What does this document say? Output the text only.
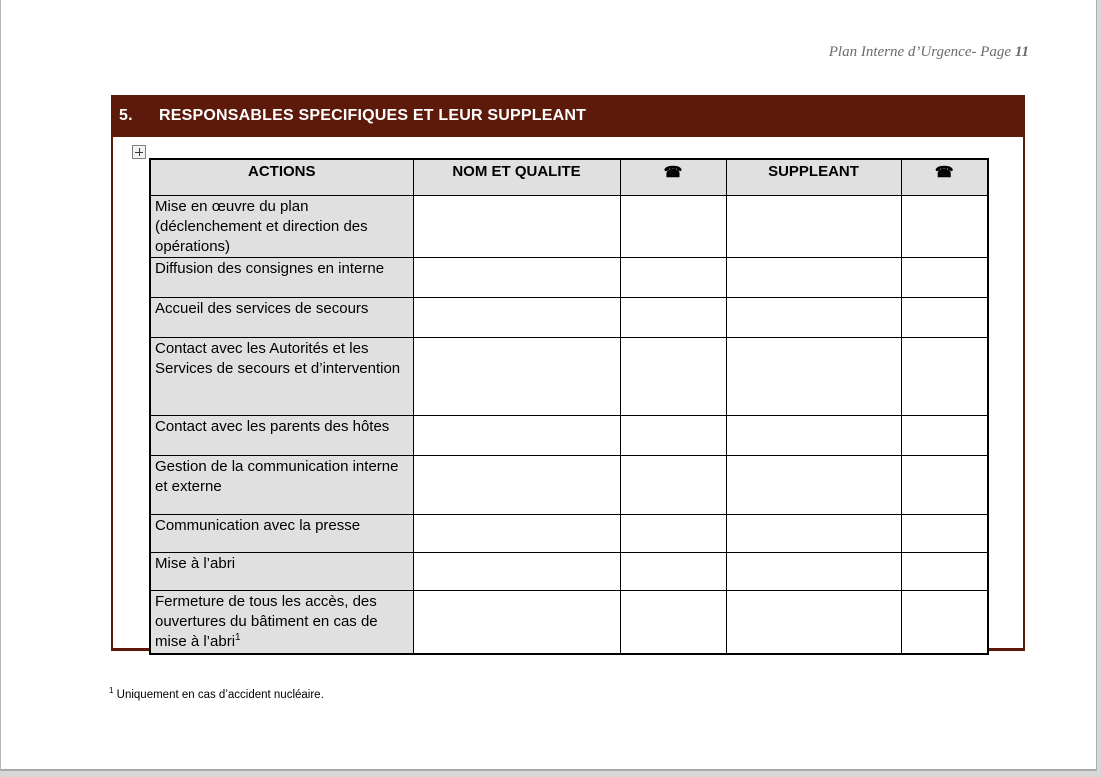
Plan Interne d’Urgence- Page 11
5.	RESPONSABLES SPECIFIQUES ET LEUR SUPPLEANT
ACTIONS	NOM ET QUALITE	☎	SUPPLEANT	☎
Mise en œuvre du plan (déclenchement et direction des opérations)				
Diffusion des consignes en interne				
Accueil des services de secours				
Contact avec les Autorités et les Services de secours et d’intervention				
Contact avec les parents des hôtes				
Gestion de la communication interne et externe				
Communication avec la presse				
Mise à l’abri				
Fermeture de tous les accès, des ouvertures du bâtiment en cas de mise à l’abri$^1$				
$^1$ Uniquement en cas d’accident nucléaire.
